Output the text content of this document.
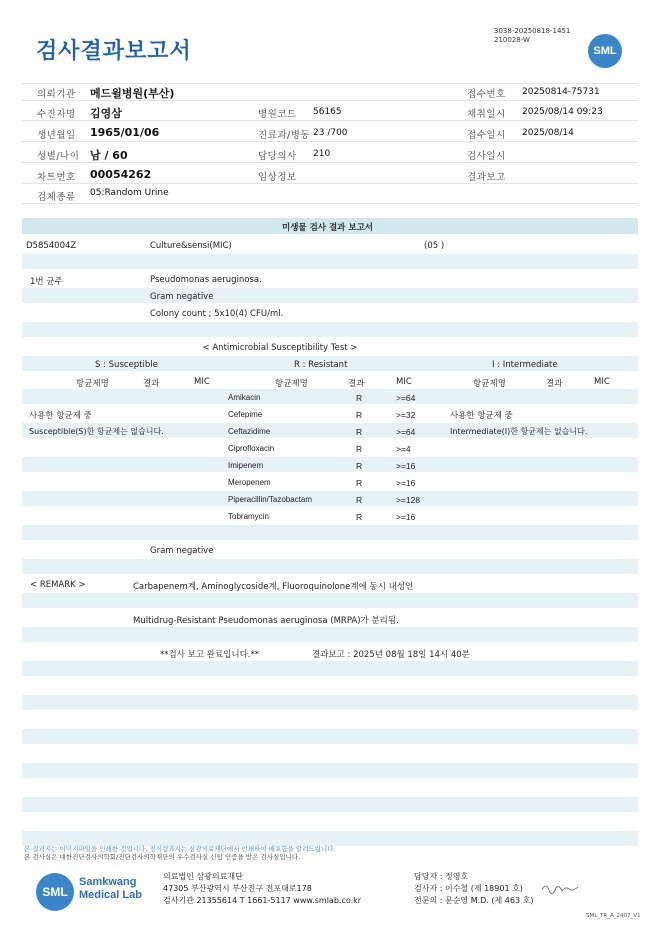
검사결과보고서
3038-20250818-1451
210028-W
SML
의뢰기관 메드윌병원(부산)	접수번호 20250814-75731
수진자명 김영삼	병원코드 56165	채취일시 2025/08/14 09:23
생년월일 1965/01/06	진료과/병동 23 /700	접수일시 2025/08/14
성별/나이 남 / 60	담당의사 210	검사일시
차트번호 00054262	임상정보	결과보고
검체종류 05:Random Urine
미생물 검사 결과 보고서
D5854004Z	Culture&sensi(MIC)	(05 )
1번 균주	Pseudomonas aeruginosa.
Gram negative
Colony count ; 5x10(4) CFU/ml.
< Antimicrobial Susceptibility Test >
S : Susceptible	R : Resistant	I : Intermediate
항균제명	결과	MIC	항균제명	결과	MIC	항균제명	결과	MIC
사용한 항균제 중
Susceptible(S)한 항균제는 없습니다.
사용한 항균제 중
Intermediate(I)한 항균제는 없습니다.
Amikacin	R	>=64
Cefepime	R	>=32
Ceftazidime	R	>=64
Ciprofloxacin	R	>=4
Imipenem	R	>=16
Meropenem	R	>=16
Piperacillin/Tazobactam	R	>=128
Tobramycin	R	>=16
Gram negative
< REMARK >	Carbapenem계, Aminoglycoside계, Fluoroquinolone계에 동시 내성인
Multidrug-Resistant Pseudomonas aeruginosa (MRPA)가 분리됨.
**검사 보고 완료입니다.**	결과보고 : 2025년 08월 18일 14시 40분
본 결과지는 이미지파일을 인쇄한 것입니다. 정식결과지는 삼광의료재단에서 인쇄하여 배포함을 알려드립니다.
본 검사실은 대한진단검사의학회/진단검사의학재단의 우수검사실 신임 인증을 받은 검사실입니다.
SML
Samkwang
Medical Lab
의료법인 삼광의료재단
47305 부산광역시 부산진구 전포대로178
검사기관 21355614 T 1661-5117 www.smlab.co.kr
담당자 : 정영호
검사자 : 이수철 (제 18901 호)
전문의 : 문순영 M.D. (제 463 호)
SML_TR_A_2407_V1
